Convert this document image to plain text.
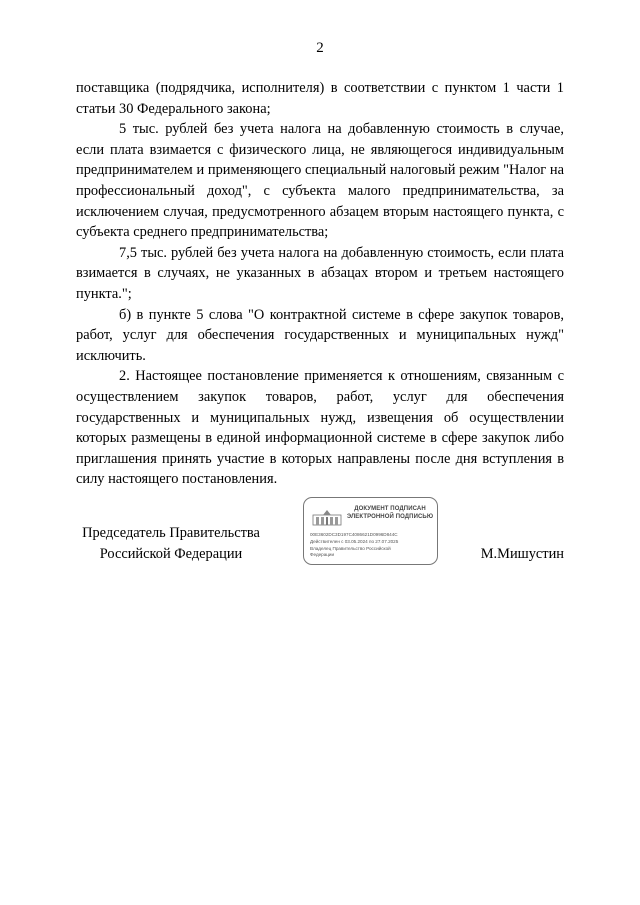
2

поставщика (подрядчика, исполнителя) в соответствии с пунктом 1 части 1 статьи 30 Федерального закона;

5 тыс. рублей без учета налога на добавленную стоимость в случае, если плата взимается с физического лица, не являющегося индивидуальным предпринимателем и применяющего специальный налоговый режим "Налог на профессиональный доход", с субъекта малого предпринимательства, за исключением случая, предусмотренного абзацем вторым настоящего пункта, с субъекта среднего предпринимательства;

7,5 тыс. рублей без учета налога на добавленную стоимость, если плата взимается в случаях, не указанных в абзацах втором и третьем настоящего пункта.";

б) в пункте 5 слова "О контрактной системе в сфере закупок товаров, работ, услуг для обеспечения государственных и муниципальных нужд" исключить.

2. Настоящее постановление применяется к отношениям, связанным с осуществлением закупок товаров, работ, услуг для обеспечения государственных и муниципальных нужд, извещения об осуществлении которых размещены в единой информационной системе в сфере закупок либо приглашения принять участие в которых направлены после дня вступления в силу настоящего постановления.

Председатель Правительства
Российской Федерации
ДОКУМЕНТ ПОДПИСАН
ЭЛЕКТРОННОЙ ПОДПИСЬЮ
00E3602DC3D197C4086621D0996D844C
Действителен с 03.05.2024 по 27.07.2025
Владелец Правительство Российской
Федерации	М.Мишустин
